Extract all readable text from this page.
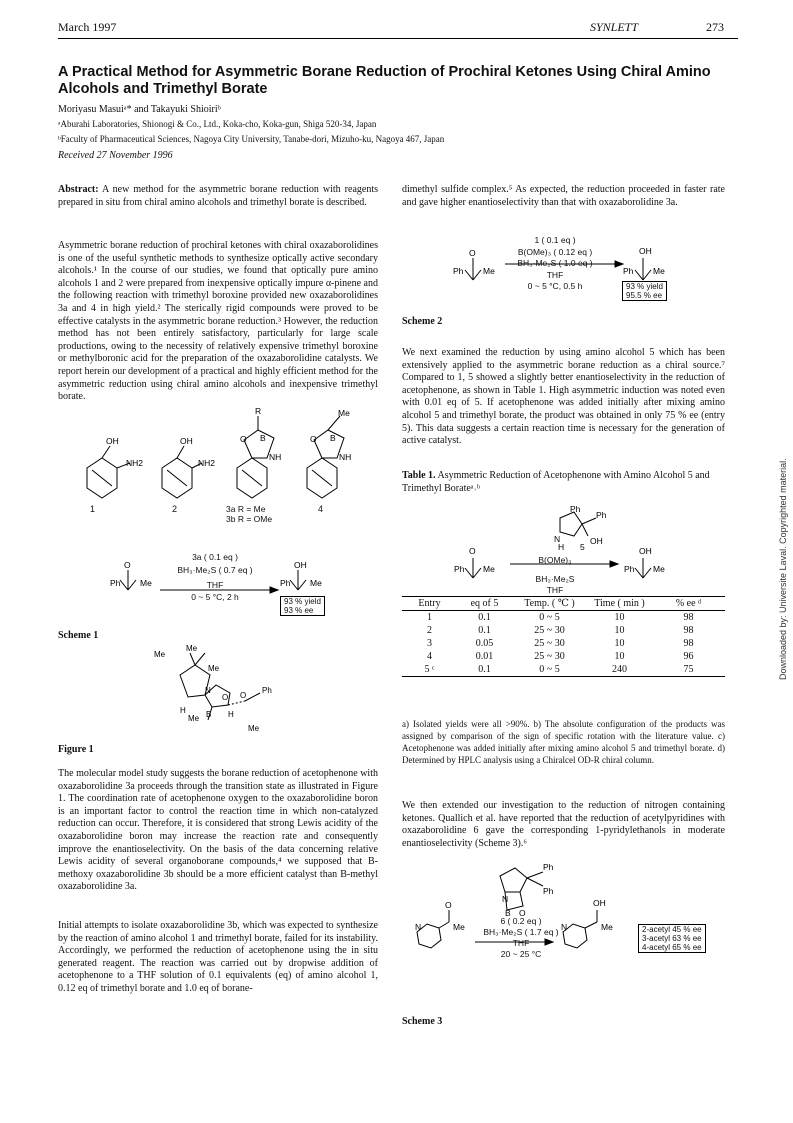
March 1997	SYNLETT	273
A Practical Method for Asymmetric Borane Reduction of Prochiral Ketones Using Chiral Amino Alcohols and Trimethyl Borate
Moriyasu Masuiᵃ* and Takayuki Shioiriᵇ
ᵃAburahi Laboratories, Shionogi & Co., Ltd., Koka-cho, Koka-gun, Shiga 520-34, Japan
ᵇFaculty of Pharmaceutical Sciences, Nagoya City University, Tanabe-dori, Mizuho-ku, Nagoya 467, Japan
Received 27 November 1996

Abstract: A new method for the asymmetric borane reduction with reagents prepared in situ from chiral amino alcohols and trimethyl borate is described.

Asymmetric borane reduction of prochiral ketones with chiral oxazaborolidines is one of the useful synthetic methods to synthesize optically active secondary alcohols.¹ In the course of our studies, we found that optically pure amino alcohols 1 and 2 were prepared from inexpensive optically impure α-pinene and the following reaction with trimethyl boroxine provided new oxazaborolidines 3a and 4 in high yield.² The sterically rigid compounds were proved to be effective catalysts in the asymmetric borane reduction.³ However, the reduction method has not been entirely satisfactory, particularly for large scale productions, owing to the necessity of relatively expensive trimethyl boroxine or methylboronic acid for the preparation of the oxazaborolidine catalysts. We report herein our development of a practical and highly efficient method for the asymmetric reduction using chiral amino alcohols and inexpensive trimethyl borate.

OH
NH2
OH
NH2
R
O B
NH
Me
O B
NH
1	2	3a R = Me
3b R = OMe
4
O
Ph Me
OH
Ph Me
3a ( 0.1 eq )
BH₃·Me₂S ( 0.7 eq )
THF
0 ~ 5 °C, 2 h	93 % yield
93 % ee
Scheme 1
Me
Me
Me
N
O O
H
Me B H
Ph
Me
Figure 1

The molecular model study suggests the borane reduction of acetophenone with oxazaborolidine 3a proceeds through the transition state as illustrated in Figure 1. The coordination rate of acetophenone oxygen to the oxazaborolidine boron is an important factor to control the reaction time in which non-catalyzed reduction can occur. Therefore, it is considered that strong Lewis acidity of the oxazaborolidine boron may increase the reaction rate and consequently improve the enantioselectivity. On the basis of the data concerning relative Lewis acidity of several organoborane compounds,⁴ we supposed that B-methoxy oxazaborolidine 3b should be a more efficient catalyst than B-methyl oxazaborolidine 3a.

Initial attempts to isolate oxazaborolidine 3b, which was expected to synthesize by the reaction of amino alcohol 1 and trimethyl borate, failed for its instability. Accordingly, we performed the reduction of acetophenone using the in situ generated reagent. The reaction was carried out by dropwise addition of acetophenone to a THF solution of 0.1 equivalents (eq) of amino alcohol 1, 0.12 eq of trimethyl borate and 1.0 eq of borane-

dimethyl sulfide complex.⁵ As expected, the reduction proceeded in faster rate and gave higher enantioselectivity than that with oxazaborolidine 3a.

O
Ph Me
OH
Ph Me
1 ( 0.1 eq )
B(OMe)₃ ( 0.12 eq )
BH₃·Me₂S ( 1.0 eq )
THF
0 ~ 5 °C, 0.5 h	93 % yield
95.5 % ee
Scheme 2

We next examined the reduction by using amino alcohol 5 which has been extensively applied to the asymmetric borane reduction as a chiral source.⁷ Compared to 1, 5 showed a slightly better enantioselectivity in the reduction of acetophenone, as shown in Table 1. High asymmetric induction was noted even with 0.01 eq of 5. If acetophenone was added initially after mixing amino alcohol 5 and trimethyl borate, the product was obtained in only 75 % ee (entry 5). This data suggests a certain reaction time is necessary for the generation of active catalyst.

Table 1. Asymmetric Reduction of Acetophenone with Amino Alcohol 5 and Trimethyl Borateᵃ˒ᵇ
Ph
Ph
OH
N
H 5
O
Ph Me
OH
Ph Me
B(OMe)₃
BH₃·Me₂S
THF
Entry	eq of 5	Temp. ( ℃ )	Time ( min )	% ee ᵈ
1	0.1	0 ~ 5	10	98
2	0.1	25 ~ 30	10	98
3	0.05	25 ~ 30	10	98
4	0.01	25 ~ 30	10	96
5 ᶜ	0.1	0 ~ 5	240	75

a) Isolated yields were all >90%. b) The absolute configuration of the products was assigned by comparison of the sign of specific rotation with the literature value. c) Acetophenone was added initially after mixing amino alcohol 5 and trimethyl borate. d) Determined by HPLC analysis using a Chiralcel OD-R chiral column.

We then extended our investigation to the reduction of nitrogen containing ketones. Quallich et al. have reported that the reduction of acetylpyridines with oxazaborolidine 6 gave the corresponding 1-pyridylethanols in moderate enantioselectivity (Scheme 3).⁶

Ph
Ph
N
B O
N
O
Me	N
OH
Me
6 ( 0.2 eq )
BH₃·Me₂S ( 1.7 eq )
THF
20 ~ 25 °C
2-acetyl 45 % ee
3-acetyl 63 % ee
4-acetyl 65 % ee
Scheme 3
Downloaded by: Universite Laval. Copyrighted material.
